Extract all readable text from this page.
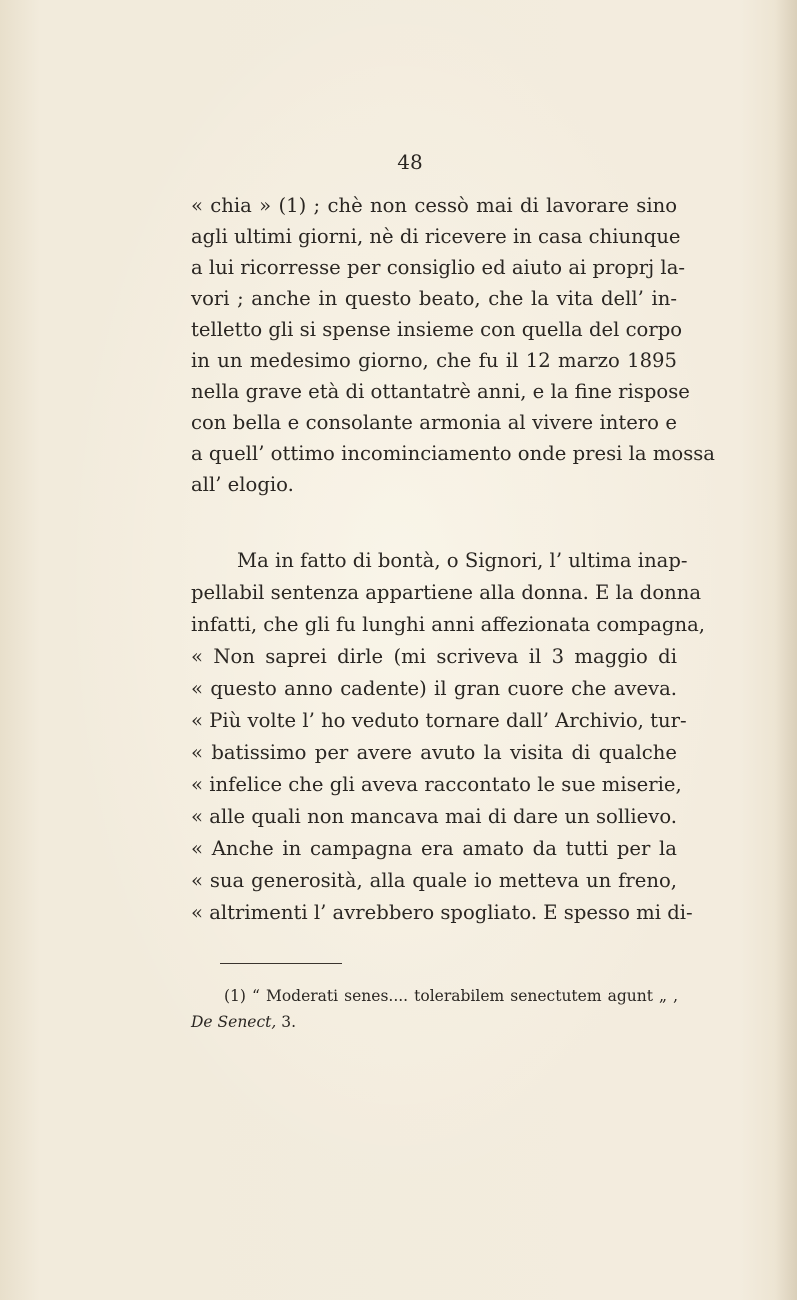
48
« chia » (1) ; chè non cessò mai di lavorare sino
agli ultimi giorni, nè di ricevere in casa chiunque
a lui ricorresse per consiglio ed aiuto ai proprj la-
vori ; anche in questo beato, che la vita dell’ in-
telletto gli si spense insieme con quella del corpo
in un medesimo giorno, che fu il 12 marzo 1895
nella grave età di ottantatrè anni, e la fine rispose
con bella e consolante armonia al vivere intero e
a quell’ ottimo incominciamento onde presi la mossa
all’ elogio.
Ma in fatto di bontà, o Signori, l’ ultima inap-
pellabil sentenza appartiene alla donna. E la donna
infatti, che gli fu lunghi anni affezionata compagna,
« Non saprei dirle (mi scriveva il 3 maggio di
« questo anno cadente) il gran cuore che aveva.
« Più volte l’ ho veduto tornare dall’ Archivio, tur-
« batissimo per avere avuto la visita di qualche
« infelice che gli aveva raccontato le sue miserie,
« alle quali non mancava mai di dare un sollievo.
« Anche in campagna era amato da tutti per la
« sua generosità, alla quale io metteva un freno,
« altrimenti l’ avrebbero spogliato. E spesso mi di-
(1) “ Moderati senes.... tolerabilem senectutem agunt „ ,
De Senect, 3.
